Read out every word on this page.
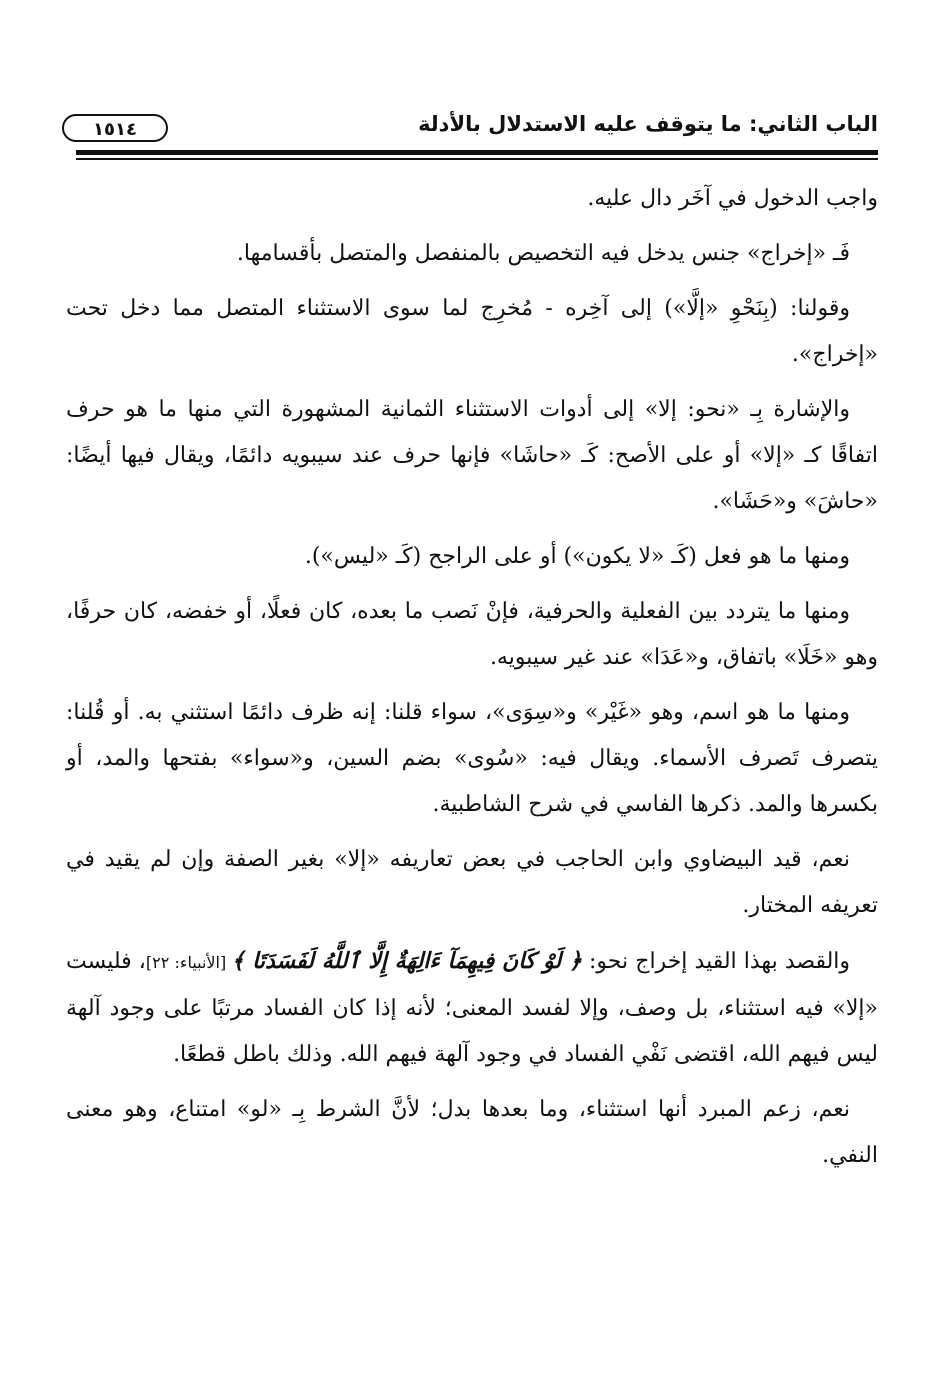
الباب الثاني: ما يتوقف عليه الاستدلال بالأدلة
١٥١٤

واجب الدخول في آخَر دال عليه.

فَـ «إخراج» جنس يدخل فيه التخصيص بالمنفصل والمتصل بأقسامها.

وقولنا: (بِنَحْوِ «إلَّا») إلى آخِره - مُخرِج لما سوى الاستثناء المتصل مما دخل تحت «إخراج».

والإشارة بِـ «نحو: إلا» إلى أدوات الاستثناء الثمانية المشهورة التي منها ما هو حرف اتفاقًا كـ «إلا» أو على الأصح: كَـ «حاشَا» فإنها حرف عند سيبويه دائمًا، ويقال فيها أيضًا: «حاشَ» و«حَشَا».

ومنها ما هو فعل (كَـ «لا يكون») أو على الراجح (كَـ «ليس»).

ومنها ما يتردد بين الفعلية والحرفية، فإنْ نَصب ما بعده، كان فعلًا، أو خفضه، كان حرفًا، وهو «خَلَا» باتفاق، و«عَدَا» عند غير سيبويه.

ومنها ما هو اسم، وهو «غَيْر» و«سِوَى»، سواء قلنا: إنه ظرف دائمًا استثني به. أو قُلنا: يتصرف تَصرف الأسماء. ويقال فيه: «سُوى» بضم السين، و«سواء» بفتحها والمد، أو بكسرها والمد. ذكرها الفاسي في شرح الشاطبية.

نعم، قيد البيضاوي وابن الحاجب في بعض تعاريفه «إلا» بغير الصفة وإن لم يقيد في تعريفه المختار.

والقصد بهذا القيد إخراج نحو: ﴿ لَوْ كَانَ فِيهِمَآ ءَالِهَةٌ إِلَّا ٱللَّهُ لَفَسَدَتَا ﴾ [الأنبياء: ٢٢]، فليست «إلا» فيه استثناء، بل وصف، وإلا لفسد المعنى؛ لأنه إذا كان الفساد مرتبًا على وجود آلهة ليس فيهم الله، اقتضى نَفْي الفساد في وجود آلهة فيهم الله. وذلك باطل قطعًا.

نعم، زعم المبرد أنها استثناء، وما بعدها بدل؛ لأنَّ الشرط بِـ «لو» امتناع، وهو معنى النفي.
